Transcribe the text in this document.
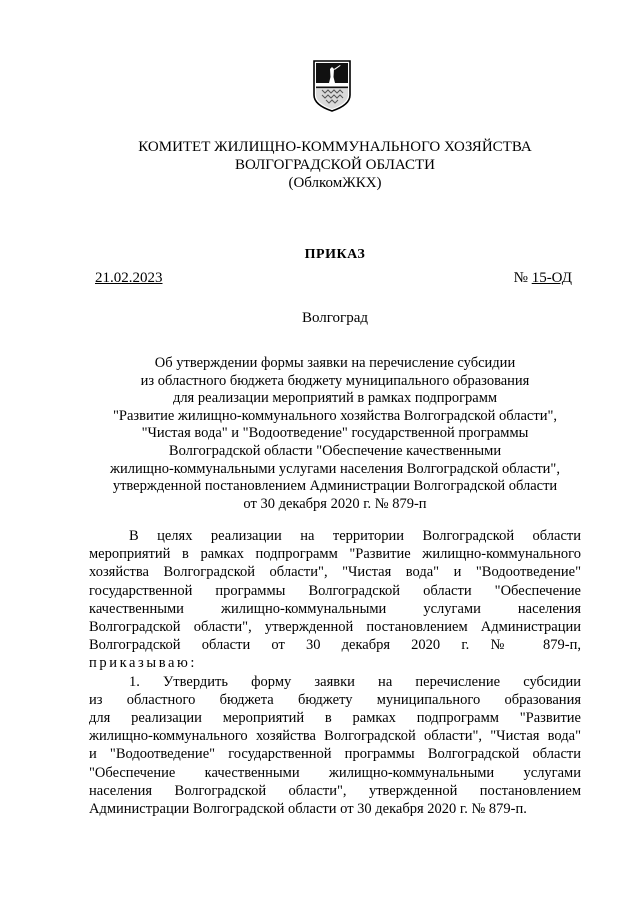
КОМИТЕТ ЖИЛИЩНО-КОММУНАЛЬНОГО ХОЗЯЙСТВА
ВОЛГОГРАДСКОЙ ОБЛАСТИ
(ОблкомЖКХ)
ПРИКАЗ
21.02.2023	№ 15-ОД
Волгоград
Об утверждении формы заявки на перечисление субсидии
из областного бюджета бюджету муниципального образования
для реализации мероприятий в рамках подпрограмм
"Развитие жилищно-коммунального хозяйства Волгоградской области",
"Чистая вода" и "Водоотведение" государственной программы
Волгоградской области "Обеспечение качественными
жилищно-коммунальными услугами населения Волгоградской области",
утвержденной постановлением Администрации Волгоградской области
от 30 декабря 2020 г. № 879-п
В целях реализации на территории Волгоградской области
мероприятий в рамках подпрограмм "Развитие жилищно-коммунального
хозяйства Волгоградской области", "Чистая вода" и "Водоотведение"
государственной программы Волгоградской области "Обеспечение
качественными жилищно-коммунальными услугами населения
Волгоградской области", утвержденной постановлением Администрации
Волгоградской области от 30 декабря 2020 г. № 879-п,
приказываю:
1. Утвердить форму заявки на перечисление субсидии
из областного бюджета бюджету муниципального образования
для реализации мероприятий в рамках подпрограмм "Развитие
жилищно-коммунального хозяйства Волгоградской области", "Чистая вода"
и "Водоотведение" государственной программы Волгоградской области
"Обеспечение качественными жилищно-коммунальными услугами
населения Волгоградской области", утвержденной постановлением
Администрации Волгоградской области от 30 декабря 2020 г. № 879-п.
